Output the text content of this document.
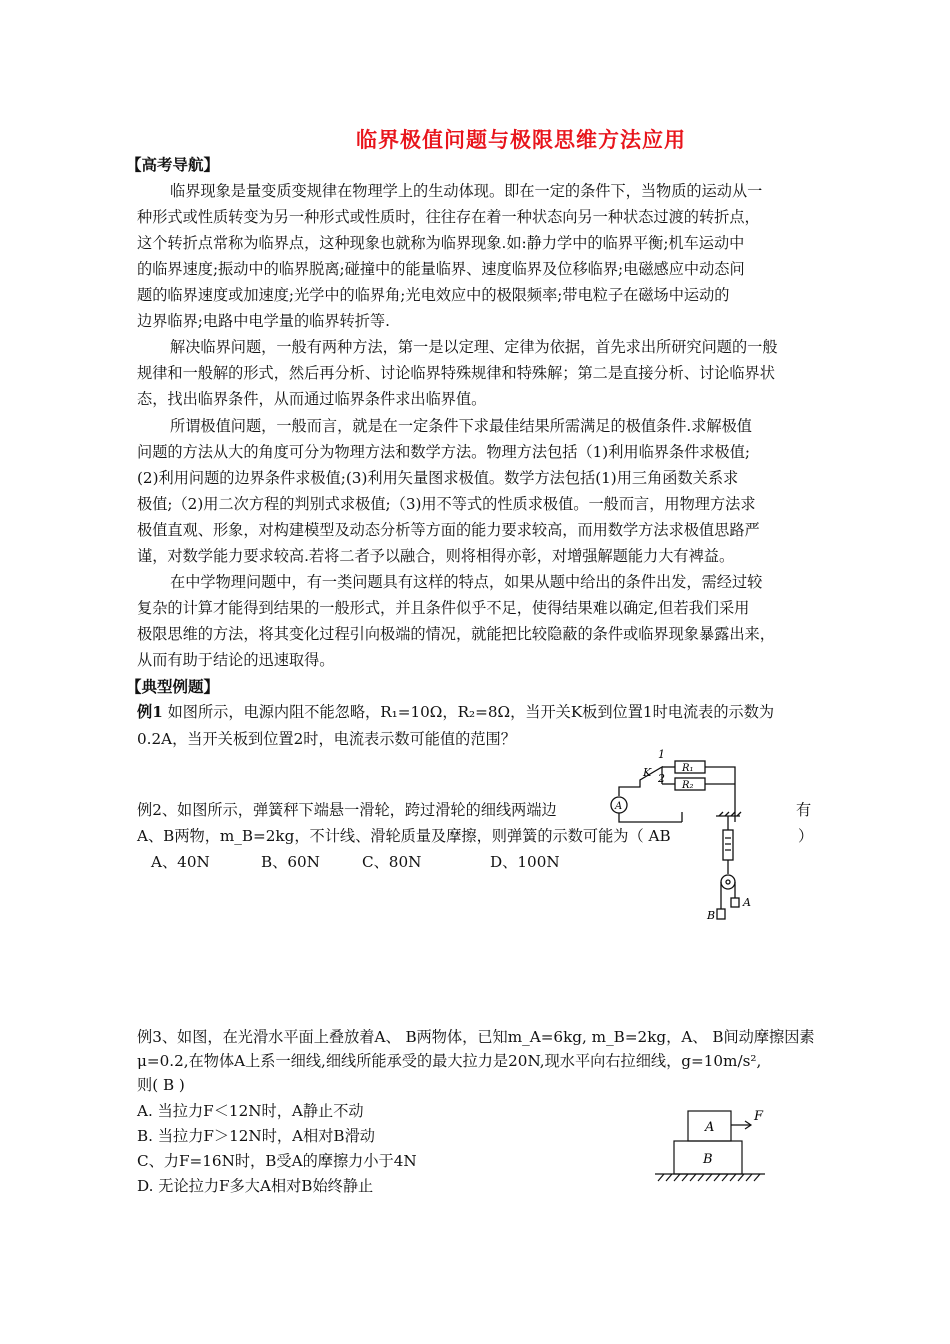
临界极值问题与极限思维方法应用
【高考导航】
临界现象是量变质变规律在物理学上的生动体现。即在一定的条件下，当物质的运动从一
种形式或性质转变为另一种形式或性质时，往往存在着一种状态向另一种状态过渡的转折点，
这个转折点常称为临界点，这种现象也就称为临界现象.如:静力学中的临界平衡;机车运动中
的临界速度;振动中的临界脱离;碰撞中的能量临界、速度临界及位移临界;电磁感应中动态问
题的临界速度或加速度;光学中的临界角;光电效应中的极限频率;带电粒子在磁场中运动的
边界临界;电路中电学量的临界转折等.
解决临界问题，一般有两种方法，第一是以定理、定律为依据，首先求出所研究问题的一般
规律和一般解的形式，然后再分析、讨论临界特殊规律和特殊解；第二是直接分析、讨论临界状
态，找出临界条件，从而通过临界条件求出临界值。
所谓极值问题，一般而言，就是在一定条件下求最佳结果所需满足的极值条件.求解极值
问题的方法从大的角度可分为物理方法和数学方法。物理方法包括（1)利用临界条件求极值;
(2)利用问题的边界条件求极值;(3)利用矢量图求极值。数学方法包括(1)用三角函数关系求
极值;（2)用二次方程的判别式求极值;（3)用不等式的性质求极值。一般而言，用物理方法求
极值直观、形象，对构建模型及动态分析等方面的能力要求较高，而用数学方法求极值思路严
谨，对数学能力要求较高.若将二者予以融合，则将相得亦彰，对增强解题能力大有裨益。
在中学物理问题中，有一类问题具有这样的特点，如果从题中给出的条件出发，需经过较
复杂的计算才能得到结果的一般形式，并且条件似乎不足，使得结果难以确定,但若我们采用
极限思维的方法，将其变化过程引向极端的情况，就能把比较隐蔽的条件或临界现象暴露出来，
从而有助于结论的迅速取得。
【典型例题】
例1 如图所示，电源内阻不能忽略，R₁=10Ω，R₂=8Ω，当开关K板到位置1时电流表的示数为
0.2A，当开关板到位置2时，电流表示数可能值的范围？
A
K
1
2
R₁
R₂
例2、如图所示，弹簧秤下端悬一滑轮，跨过滑轮的细线两端边	有
A、B两物，m_B=2kg，不计线、滑轮质量及摩擦，则弹簧的示数可能为（ AB	）
A、40N	B、60N	C、80N	D、100N
A
B
例3、如图，在光滑水平面上叠放着A、 B两物体，已知m_A=6kg, m_B=2kg，A、 B间动摩擦因素
μ=0.2,在物体A上系一细线,细线所能承受的最大拉力是20N,现水平向右拉细线，g=10m/s²,
则( B )
A. 当拉力F＜12N时，A静止不动
B. 当拉力F＞12N时，A相对B滑动
C、力F=16N时，B受A的摩擦力小于4N
D. 无论拉力F多大A相对B始终静止
A
B
F
